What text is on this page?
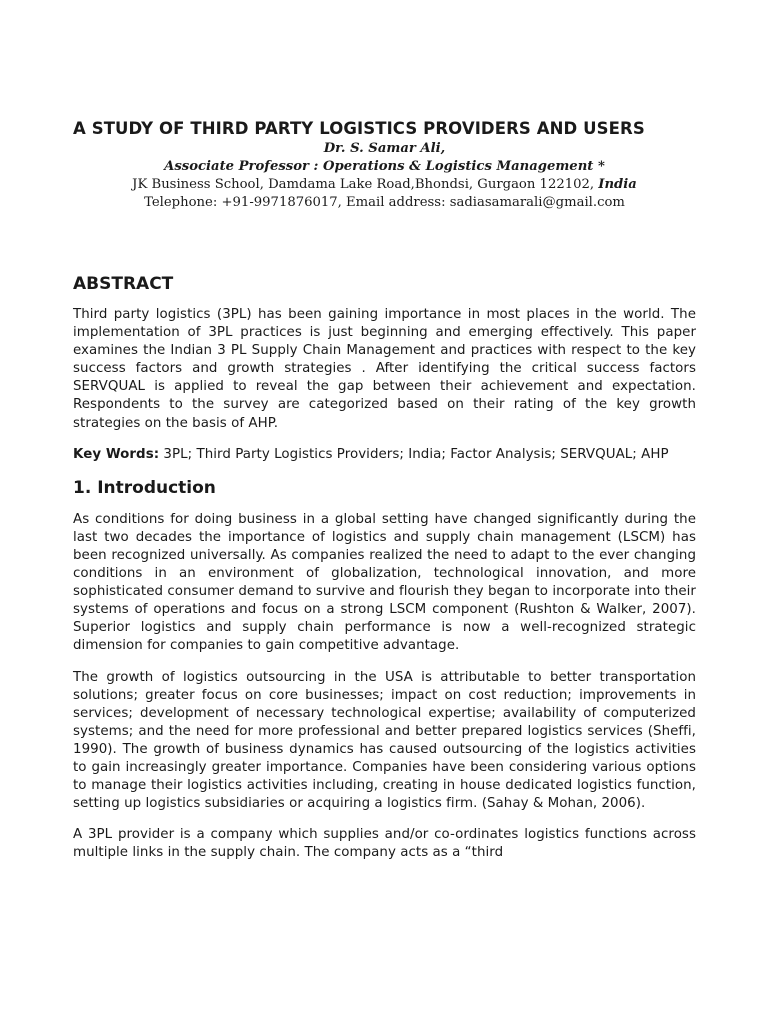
A STUDY OF THIRD PARTY LOGISTICS PROVIDERS AND USERS
Dr. S. Samar Ali,
Associate Professor : Operations & Logistics Management *
JK Business School, Damdama Lake Road,Bhondsi, Gurgaon 122102, India
Telephone: +91-9971876017, Email address: sadiasamarali@gmail.com
ABSTRACT

Third party logistics (3PL) has been gaining importance in most places in the world. The implementation of 3PL practices is just beginning and emerging effectively. This paper examines the Indian 3 PL Supply Chain Management and practices with respect to the key success factors and growth strategies . After identifying the critical success factors SERVQUAL is applied to reveal the gap between their achievement and expectation. Respondents to the survey are categorized based on their rating of the key growth strategies on the basis of AHP.

Key Words: 3PL; Third Party Logistics Providers; India; Factor Analysis; SERVQUAL; AHP

1. Introduction

As conditions for doing business in a global setting have changed significantly during the last two decades the importance of logistics and supply chain management (LSCM) has been recognized universally. As companies realized the need to adapt to the ever changing conditions in an environment of globalization, technological innovation, and more sophisticated consumer demand to survive and flourish they began to incorporate into their systems of operations and focus on a strong LSCM component (Rushton & Walker, 2007). Superior logistics and supply chain performance is now a well-recognized strategic dimension for companies to gain competitive advantage.

The growth of logistics outsourcing in the USA is attributable to better transportation solutions; greater focus on core businesses; impact on cost reduction; improvements in services; development of necessary technological expertise; availability of computerized systems; and the need for more professional and better prepared logistics services (Sheffi, 1990). The growth of business dynamics has caused outsourcing of the logistics activities to gain increasingly greater importance. Companies have been considering various options to manage their logistics activities including, creating in house dedicated logistics function, setting up logistics subsidiaries or acquiring a logistics firm. (Sahay & Mohan, 2006).

A 3PL provider is a company which supplies and/or co-ordinates logistics functions across multiple links in the supply chain. The company acts as a “third
